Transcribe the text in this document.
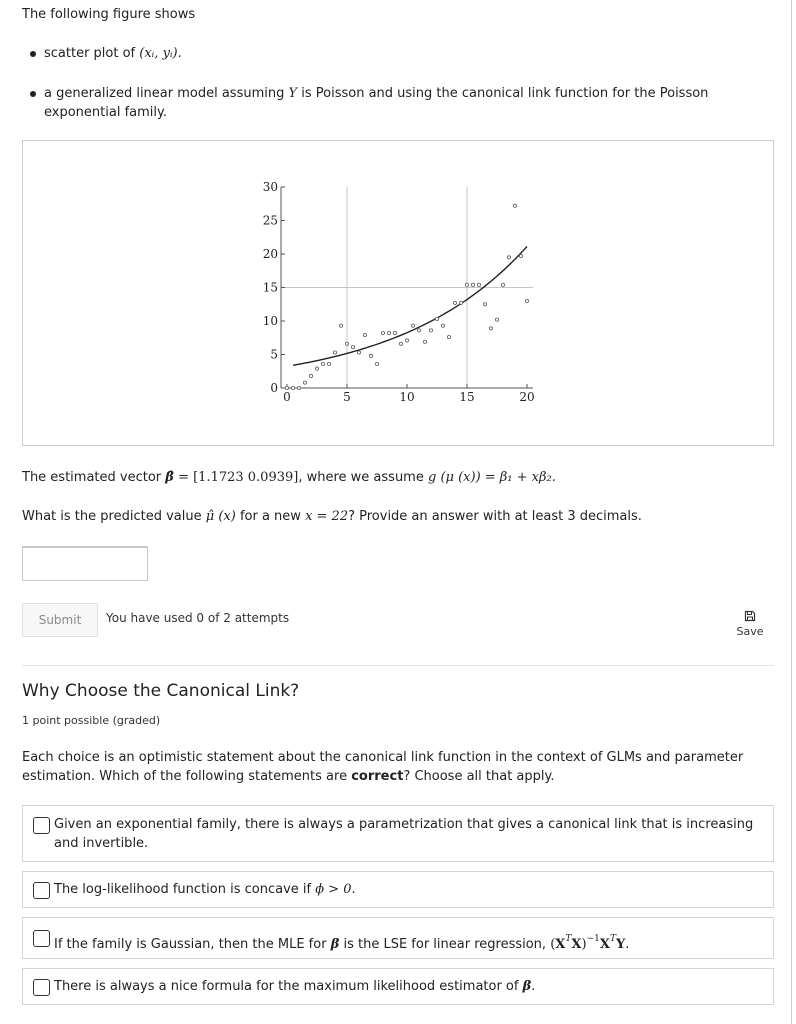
The following figure shows
scatter plot of (xᵢ, yᵢ).
a generalized linear model assuming Y is Poisson and using the canonical link function for the Poisson exponential family.
0	5	10	15	20
0
5
10
15
20
25
30
The estimated vector β̂ = [1.1723 0.0939], where we assume g (μ (x)) = β₁ + xβ₂.
What is the predicted value μ̂ (x) for a new x = 22? Provide an answer with at least 3 decimals.
Submit	You have used 0 of 2 attempts
Save
Why Choose the Canonical Link?
1 point possible (graded)
Each choice is an optimistic statement about the canonical link function in the context of GLMs and parameter estimation. Which of the following statements are correct? Choose all that apply.
Given an exponential family, there is always a parametrization that gives a canonical link that is increasing and invertible.
The log-likelihood function is concave if ϕ > 0.
If the family is Gaussian, then the MLE for β is the LSE for linear regression, $(X^TX)^{-1}X^TY$.
There is always a nice formula for the maximum likelihood estimator of β.
